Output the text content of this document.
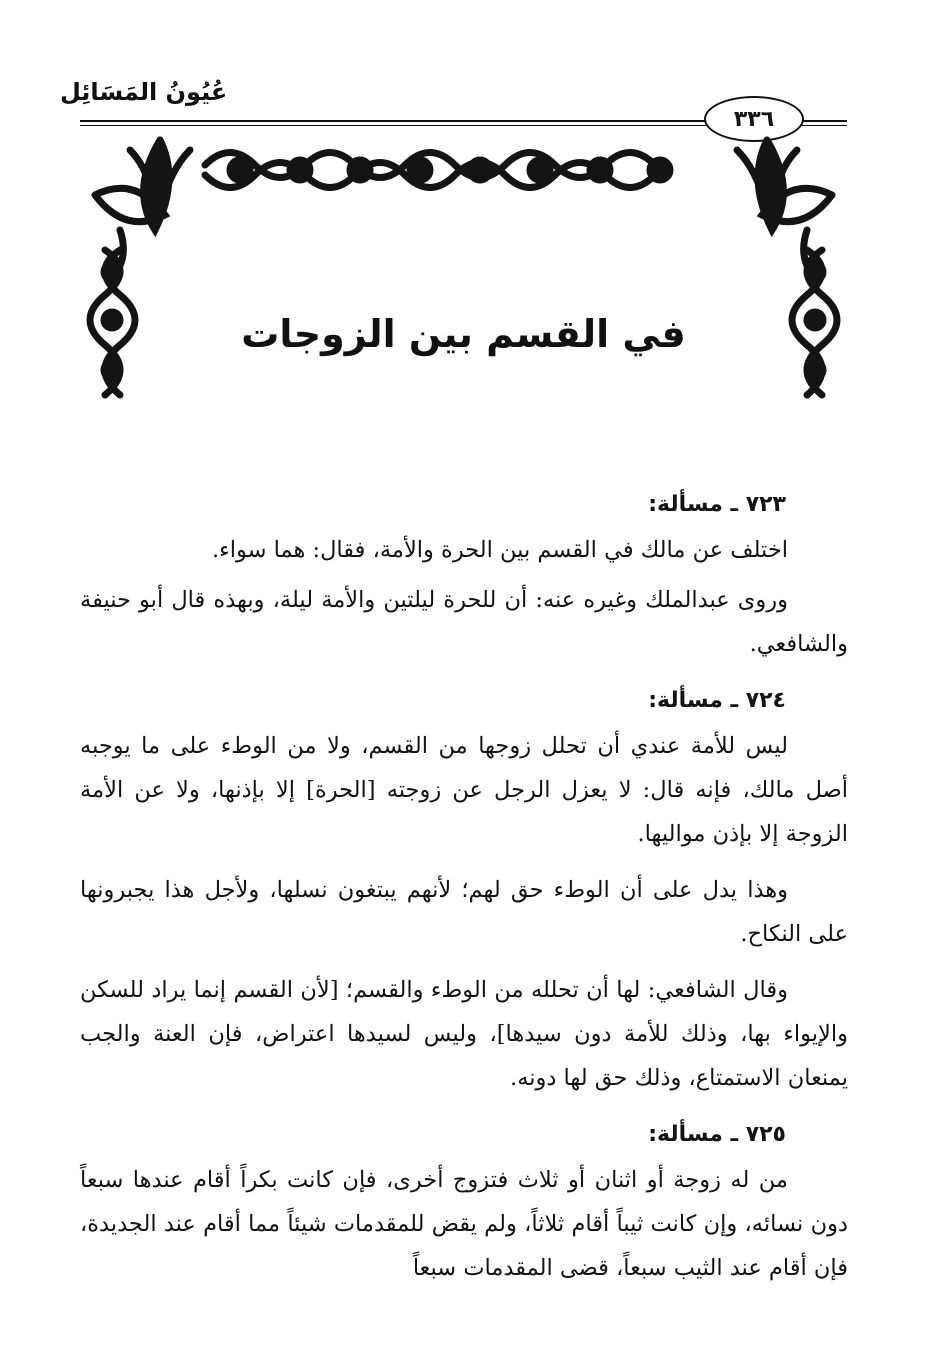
عُيُونُ المَسَائِل
٣٣٦
في القسم بين الزوجات
٧٢٣ ـ مسألة:

اختلف عن مالك في القسم بين الحرة والأمة، فقال: هما سواء.

وروى عبدالملك وغيره عنه: أن للحرة ليلتين والأمة ليلة، وبهذه قال أبو حنيفة والشافعي.

٧٢٤ ـ مسألة:

ليس للأمة عندي أن تحلل زوجها من القسم، ولا من الوطء على ما يوجبه أصل مالك، فإنه قال: لا يعزل الرجل عن زوجته [الحرة] إلا بإذنها، ولا عن الأمة الزوجة إلا بإذن مواليها.

وهذا يدل على أن الوطء حق لهم؛ لأنهم يبتغون نسلها، ولأجل هذا يجبرونها على النكاح.

وقال الشافعي: لها أن تحلله من الوطء والقسم؛ [لأن القسم إنما يراد للسكن والإيواء بها، وذلك للأمة دون سيدها]، وليس لسيدها اعتراض، فإن العنة والجب يمنعان الاستمتاع، وذلك حق لها دونه.

٧٢٥ ـ مسألة:

من له زوجة أو اثنان أو ثلاث فتزوج أخرى، فإن كانت بكراً أقام عندها سبعاً دون نسائه، وإن كانت ثيباً أقام ثلاثاً، ولم يقض للمقدمات شيئاً مما أقام عند الجديدة، فإن أقام عند الثيب سبعاً، قضى المقدمات سبعاً
